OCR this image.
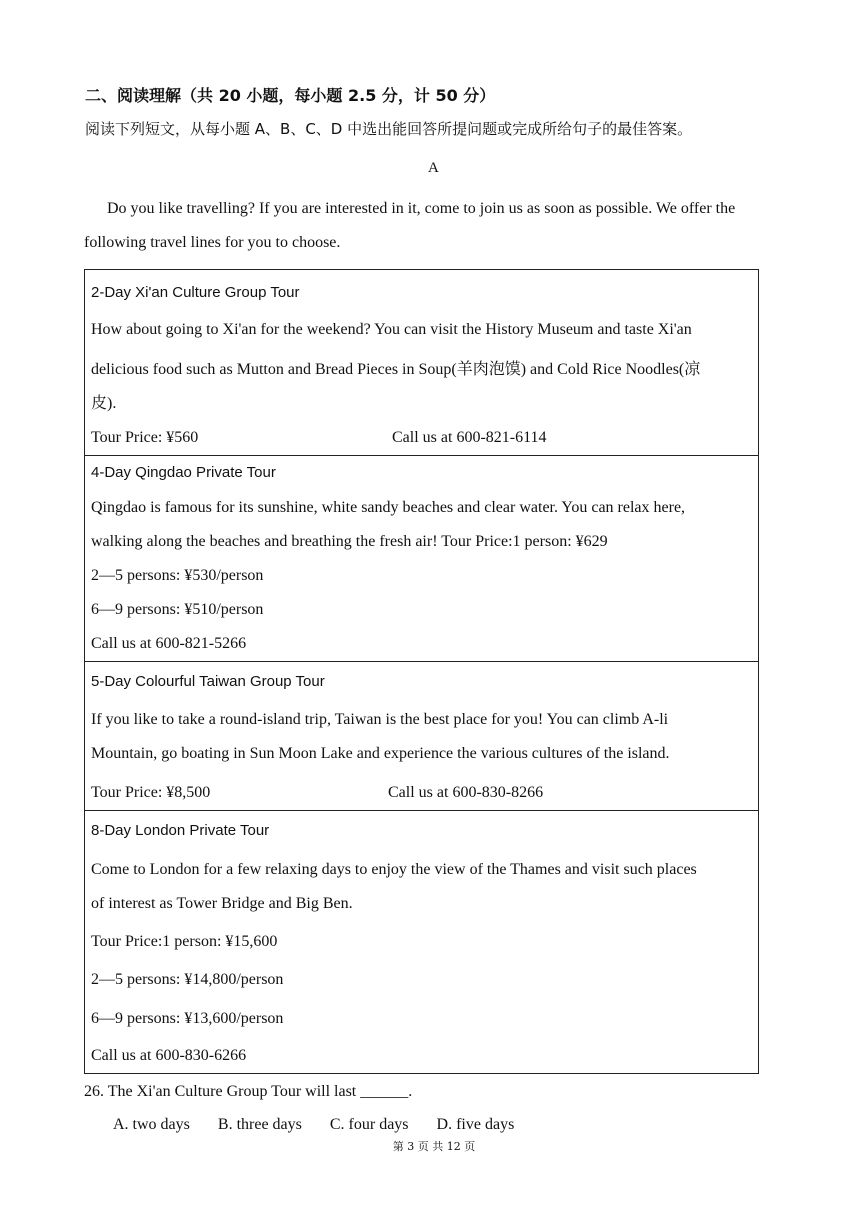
二、阅读理解（共 20 小题，每小题 2.5 分，计 50 分）
阅读下列短文，从每小题 A、B、C、D 中选出能回答所提问题或完成所给句子的最佳答案。
A
Do you like travelling? If you are interested in it, come to join us as soon as possible. We offer the
following travel lines for you to choose.
2-Day Xi'an Culture Group Tour
How about going to Xi'an for the weekend? You can visit the History Museum and taste Xi'an
delicious food such as Mutton and Bread Pieces in Soup(羊肉泡馍) and Cold Rice Noodles(凉
皮).
Tour Price: ¥560	Call us at 600-821-6114
4-Day Qingdao Private Tour
Qingdao is famous for its sunshine, white sandy beaches and clear water. You can relax here,
walking along the beaches and breathing the fresh air! Tour Price:1 person: ¥629
2—5 persons: ¥530/person
6—9 persons: ¥510/person
Call us at 600-821-5266
5-Day Colourful Taiwan Group Tour
If you like to take a round-island trip, Taiwan is the best place for you! You can climb A-li
Mountain, go boating in Sun Moon Lake and experience the various cultures of the island.
Tour Price: ¥8,500	Call us at 600-830-8266
8-Day London Private Tour
Come to London for a few relaxing days to enjoy the view of the Thames and visit such places
of interest as Tower Bridge and Big Ben.
Tour Price:1 person: ¥15,600
2—5 persons: ¥14,800/person
6—9 persons: ¥13,600/person
Call us at 600-830-6266
26. The Xi'an Culture Group Tour will last ______.
A. two days B. three days C. four days D. five days
第 3 页 共 12 页
